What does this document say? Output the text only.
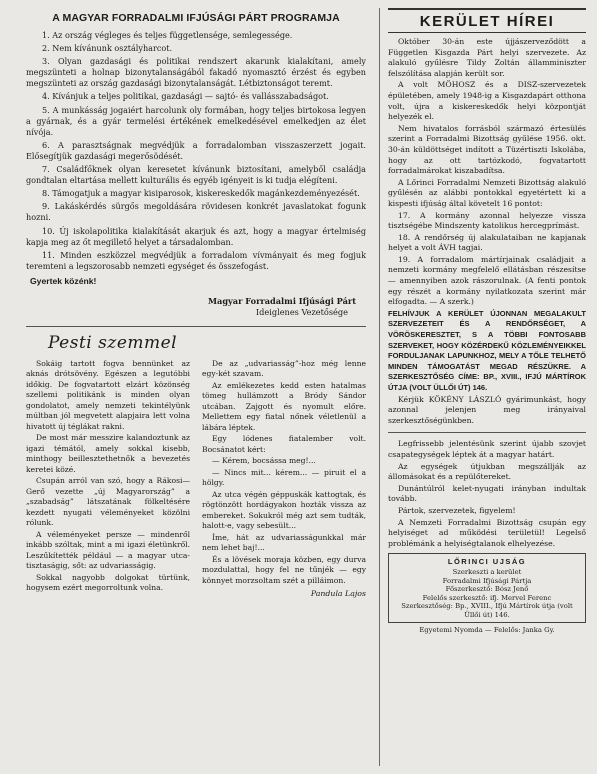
A MAGYAR FORRADALMI IFJÚSÁGI PÁRT PROGRAMJA
1. Az ország végleges és teljes függetlensége, semlegessége.
2. Nem kívánunk osztályharcot.
3. Olyan gazdasági és politikai rendszert akarunk kialakítani, amely megszünteti a holnap bizonytalanságából fakadó nyomasztó érzést és egyben megszünteti az ország gazdasági bizonytalanságát. Létbiztonságot teremt.
4. Kívánjuk a teljes politikai, gazdasági — sajtó- és vallásszabadságot.
5. A munkásság jogaiért harcolunk oly formában, hogy teljes birtokosa legyen a gyárnak, és a gyár termelési értékének emelkedésével emelkedjen az élet nívója.
6. A parasztságnak megvédjük a forradalomban visszaszerzett jogait. Elősegítjük gazdasági megerősödését.
7. Családfőknek olyan keresetet kívánunk biztosítani, amelyből családja gondtalan eltartása mellett kulturális és egyéb igényeit is ki tudja elégíteni.
8. Támogatjuk a magyar kisiparosok, kiskereskedők magánkezdeményezését.
9. Lakáskérdés sürgős megoldására rövidesen konkrét javaslatokat fogunk hozni.
10. Új iskolapolitika kialakítását akarjuk és azt, hogy a magyar értelmiség kapja meg az őt megillető helyet a társadalomban.
11. Minden eszközzel megvédjük a forradalom vívmányait és meg fogjuk teremteni a legszorosabb nemzeti egységet és összefogást.
Gyertek közénk!
Magyar Forradalmi Ifjúsági Párt
Ideiglenes Vezetősége
Pesti szemmel

Sokáig tartott fogva bennünket az aknás drótsövény. Egészen a legutóbbi időkig. De fogvatartott elzárt közönség szellemi politikánk is minden olyan gondolatot, amely nemzeti tekintélyünk múltban jól megvetett alapjaira lett volna hivatott új téglákat rakni.

De most már messzire kalandoztunk az igazi témától, amely sokkal kisebb, minthogy beillesztethetnők a bevezetés keretei közé.

Csupán arról van szó, hogy a Rákosi—Gerő vezette „új Magyarország” a „szabadság” látszatának fölkeltésére kezdett nyugati véleményeket közölni rólunk.

A véleményeket persze — mindenről inkább szóltak, mint a mi igazi életünkről. Leszűkítették például — a magyar utca-tisztaságig, sőt: az udvariasságig.

Sokkal nagyobb dolgokat türtünk, hogysem ezért megorroltunk volna.

De az „udvariasság”-hoz még lenne egy-két szavam.

Az emlékezetes kedd esten hatalmas tömeg hullámzott a Bródy Sándor utcában. Zajgott és nyomult előre. Mellettem egy fiatal nőnek véletlenül a lábára léptek.

Egy lódenes fiatalember volt. Bocsánatot kért:

— Kérem, bocsássa meg!...

— Nincs mit... kérem... — piruit el a hölgy.

Az utca végén géppuskák kattogtak, és rögtönzött hordágyakon hozták vissza az embereket. Sokukról még azt sem tudták, halott-e, vagy sebesült...

Íme, hát az udvariasságunkkal már nem lehet baj!...

És a lövések moraja közben, egy durva mozdulattal, hogy fel ne tűnjék — egy könnyet morzsoltam szét a pilláimon.

Pandula Lajos
KERÜLET HÍREI

Október 30-án este újjászerveződött a Független Kisgazda Párt helyi szervezete. Az alakuló gyűlésre Tildy Zoltán államminiszter felszólítása alapján került sor.

A volt MÖHOSZ és a DISZ-szervezetek épületében, amely 1948-ig a Kisgazdapárt otthona volt, újra a kiskereskedők helyi központját helyezék el.

Nem hivatalos forrásból származó értesülés szerint a Forradalmi Bizottság gyűlése 1956. okt. 30-án küldöttséget indított a Tüzértiszti Iskolába, hogy az ott tartózkodó, fogvatartott forradalmárokat kiszabadítsa.

A Lőrinci Forradalmi Nemzeti Bizottság alakuló gyűlésén az alábbi pontokkal egyetértett ki a kispesti ifjúság által követelt 16 pontot:

17. A kormány azonnal helyezze vissza tisztségébe Mindszenty katolikus hercegprímást.

18. A rendőrség új alakulataiban ne kapjanak helyet a volt ÁVH tagjai.

19. A forradalom mártírjainak családjait a nemzeti kormány megfelelő ellátásban részesítse — amennyiben azok rászorulnak. (A fenti pontok egy részét a kormány nyilatkozata szerint már elfogadta. — A szerk.)

FELHÍVJUK A KERÜLET ÚJONNAN MEGALAKULT SZERVEZETEIT ÉS A RENDŐRSÉGET, A VÖRÖSKERESZTET, S A TÖBBI FONTOSABB SZERVEKET, HOGY KÖZÉRDEKŰ KÖZLEMÉNYEIKKEL FORDULJANAK LAPUNKHOZ, MELY A TŐLE TELHETŐ MINDEN TÁMOGATÁST MEGAD RÉSZÜKRE. A SZERKESZTŐSÉG CÍME: BP., XVIII., IFJÚ MÁRTÍROK ÚTJA (VOLT ÜLLŐI ÚT) 146.

Kérjük KÖKÉNY LÁSZLÓ gyárimunkást, hogy azonnal jelenjen meg irányaival szerkesztőségünkben.

Legfrissebb jelentésünk szerint újabb szovjet csapategységek léptek át a magyar határt.

Az egységek útjukban megszállják az állomásokat és a repülőtereket.

Dunántúlról kelet-nyugati irányban indultak tovább.

Pártok, szervezetek, figyelem!

A Nemzeti Forradalmi Bizottság csupán egy helyiséget ad működési területül! Legelső problémánk a helyiségtalanok elhelyezése.

LŐRINCI UJSÁG
Szerkeszti a kerület
Forradalmi Ifjúsági Pártja
Főszerkesztő: Bósz Jenő
Felelős szerkesztő: ifj. Mervel Ferenc
Szerkesztőség: Bp., XVIII., Ifjú Mártírok útja (volt Üllői út) 146.
Egyetemi Nyomda — Felelős: Janka Gy.
